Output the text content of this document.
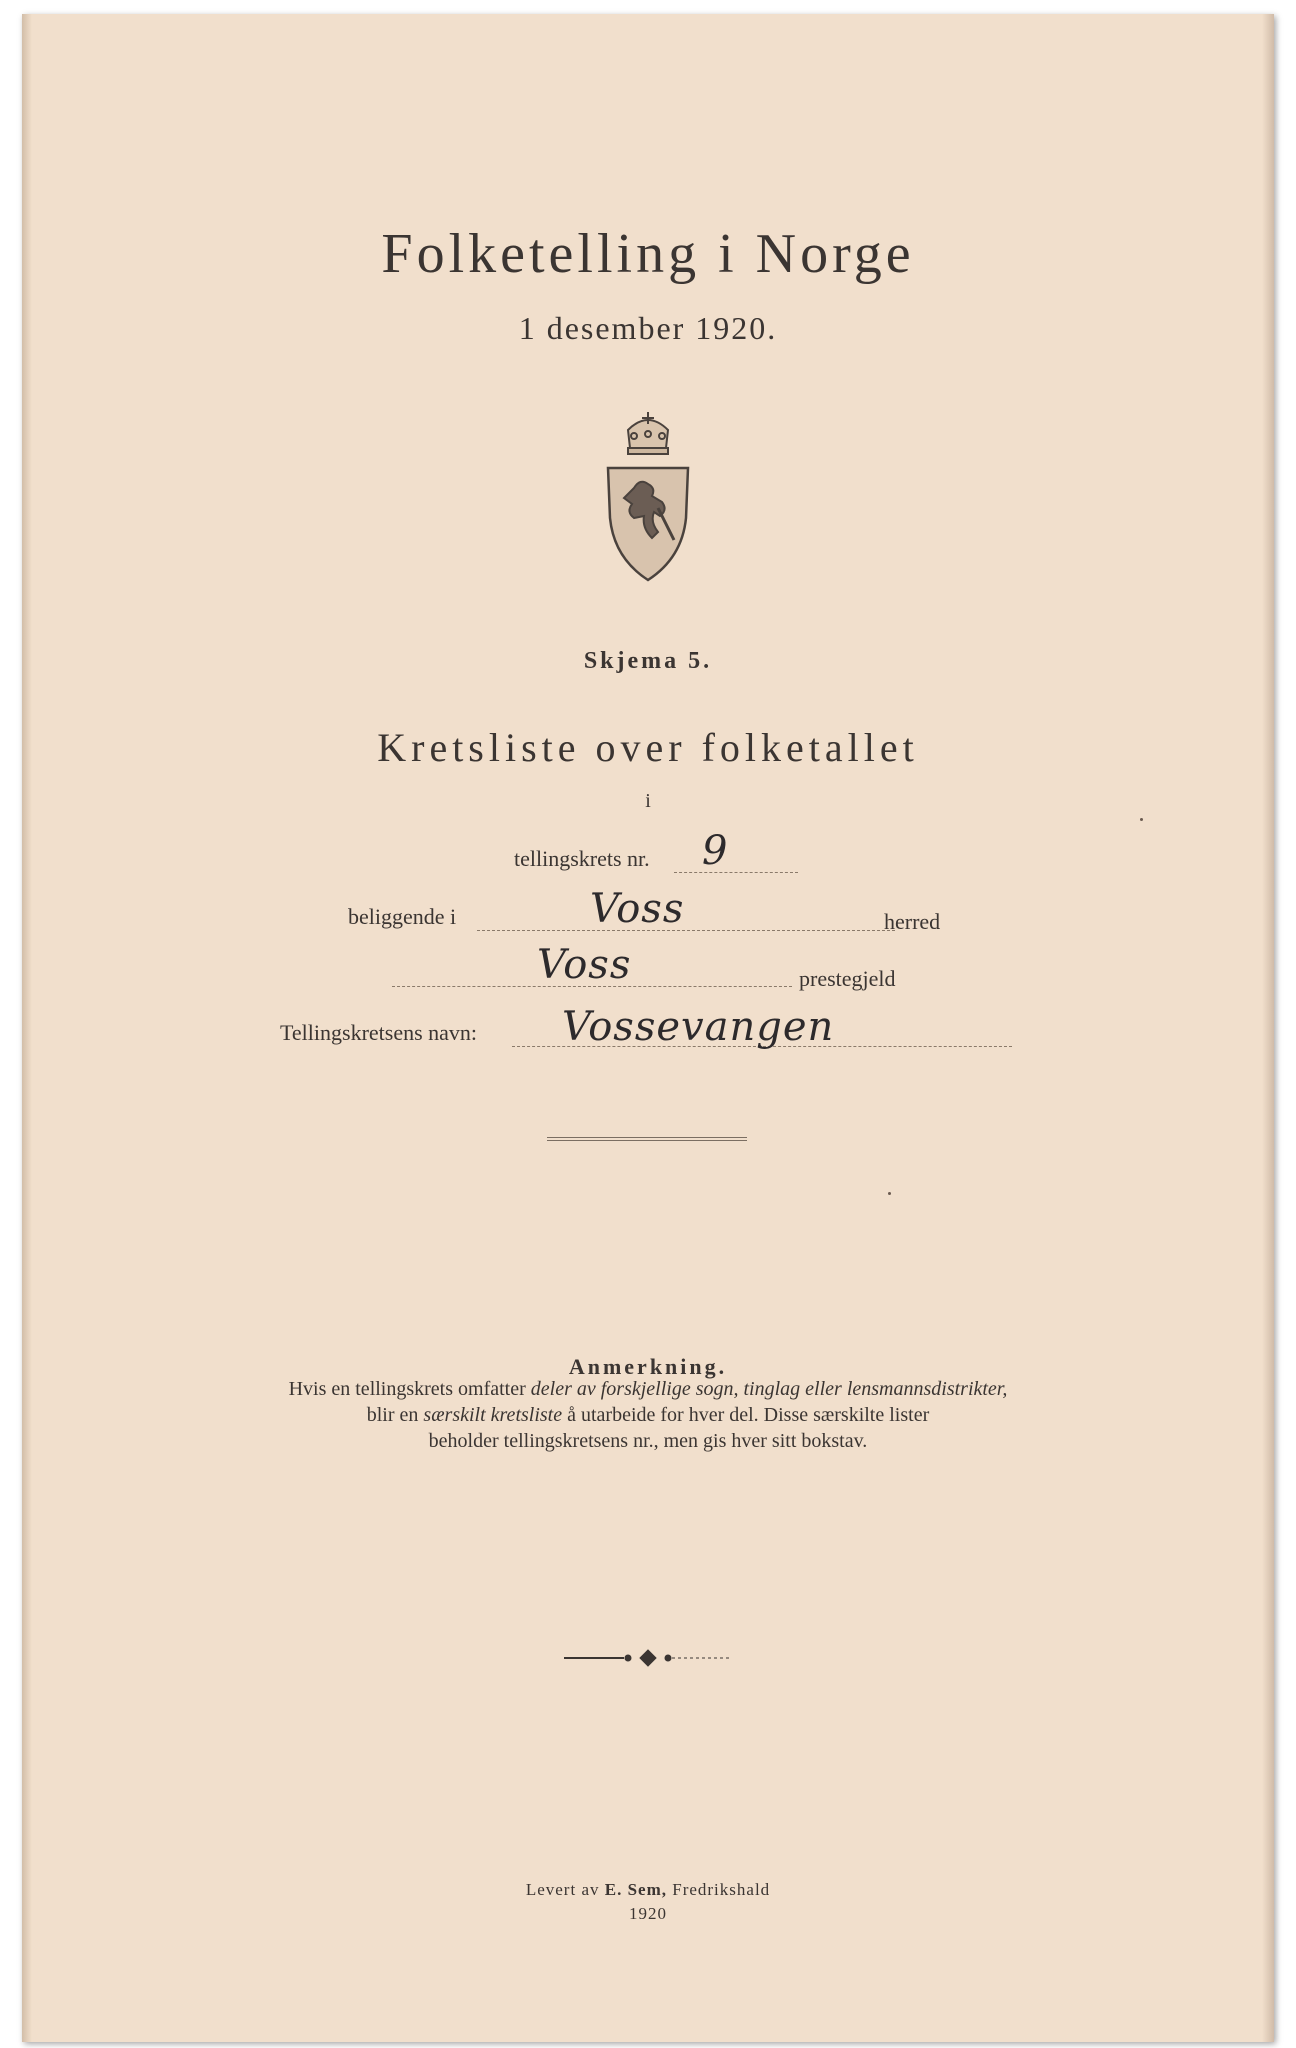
Folketelling i Norge
1 desember 1920.
Skjema 5.
Kretsliste over folketallet
i
tellingskrets nr. 9
beliggende i	Voss	herred
Voss	prestegjeld
Tellingskretsens navn: Vossevangen
Anmerkning.
Hvis en tellingskrets omfatter deler av forskjellige sogn, tinglag eller lensmannsdistrikter,
blir en særskilt kretsliste å utarbeide for hver del. Disse særskilte lister
beholder tellingskretsens nr., men gis hver sitt bokstav.
Levert av E. Sem, Fredrikshald
1920
